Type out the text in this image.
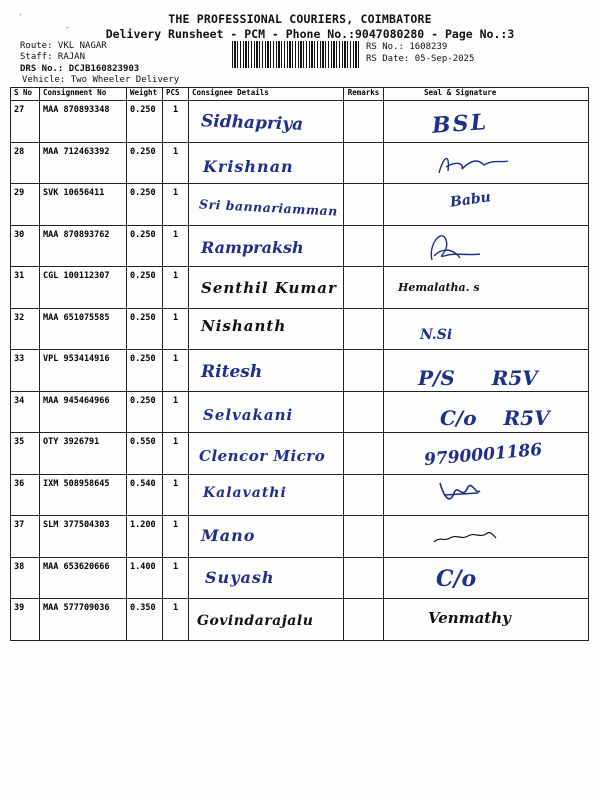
'
-
THE PROFESSIONAL COURIERS, COIMBATORE
Delivery Runsheet - PCM - Phone No.:9047080280 - Page No.:3
Route: VKL NAGAR
Staff: RAJAN
DRS No.: DCJB160823903
Vehicle: Two Wheeler Delivery
RS No.: 1608239
RS Date: 05-Sep-2025
S No	Consignment No	Weight	PCS	Consignee Details	Remarks	Seal & Signature

27	MAA 870893348	0.250	1	Sidhapriya		BSL

28	MAA 712463392	0.250	1	Krishnan

29	SVK 10656411	0.250	1	Sri bannariamman		Babu

30	MAA 870893762	0.250	1	Rampraksh

31	CGL 100112307	0.250	1	Senthil Kumar		Hemalatha. s

32	MAA 651075585	0.250	1	Nishanth		N.Si

33	VPL 953414916	0.250	1	Ritesh		P/S R5V

34	MAA 945464966	0.250	1	Selvakani		C/o R5V

35	OTY 3926791	0.550	1	Clencor Micro		9790001186

36	IXM 508958645	0.540	1	Kalavathi

37	SLM 377504303	1.200	1	Mano

38	MAA 653620666	1.400	1	Suyash		C/o

39	MAA 577709036	0.350	1	Govindarajalu		Venmathy
